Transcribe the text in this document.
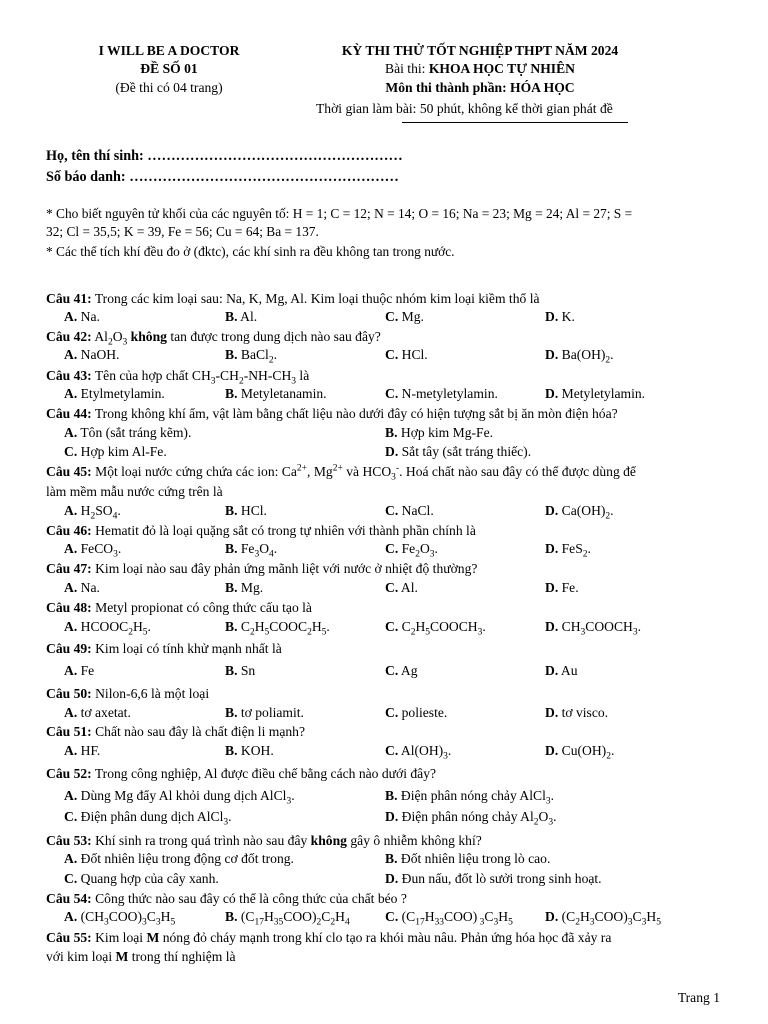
I WILL BE A DOCTOR
ĐỀ SỐ 01
(Đề thi có 04 trang)
KỲ THI THỬ TỐT NGHIỆP THPT NĂM 2024
Bài thi: KHOA HỌC TỰ NHIÊN
Môn thi thành phần: HÓA HỌC
Thời gian làm bài: 50 phút, không kể thời gian phát đề
Họ, tên thí sinh: ………………………………………………
Số báo danh: …………………………………………………
* Cho biết nguyên tử khối của các nguyên tố: H = 1; C = 12; N = 14; O = 16; Na = 23; Mg = 24; Al = 27; S =
32; Cl = 35,5; K = 39, Fe = 56; Cu = 64; Ba = 137.
* Các thể tích khí đều đo ở (đktc), các khí sinh ra đều không tan trong nước.
Câu 41: Trong các kim loại sau: Na, K, Mg, Al. Kim loại thuộc nhóm kim loại kiềm thổ là
A. Na.	B. Al.	C. Mg.	D. K.
Câu 42: $Al_2O_3$ không tan được trong dung dịch nào sau đây?
A. NaOH.	B. BaCl$_2$.	C. HCl.	D. $Ba(OH)_2$.
Câu 43: Tên của hợp chất $CH_3-CH_2-NH-CH_3$ là
A. Etylmetylamin.	B. Metyletanamin.	C. N-metyletylamin.	D. Metyletylamin.
Câu 44: Trong không khí ẩm, vật làm bằng chất liệu nào dưới đây có hiện tượng sắt bị ăn mòn điện hóa?
A. Tôn (sắt tráng kẽm).	B. Hợp kim Mg-Fe.
C. Hợp kim Al-Fe.	D. Sắt tây (sắt tráng thiếc).
Câu 45: Một loại nước cứng chứa các ion: $Ca^{2+}$, $Mg^{2+}$ và $HCO_3^-$. Hoá chất nào sau đây có thể được dùng để
làm mềm mẫu nước cứng trên là
A. $H_2SO_4$.	B. HCl.	C. NaCl.	D. $Ca(OH)_2$.
Câu 46: Hematit đỏ là loại quặng sắt có trong tự nhiên với thành phần chính là
A. FeCO$_3$.	B. $Fe_3O_4$.	C. $Fe_2O_3$.	D. FeS$_2$.
Câu 47: Kim loại nào sau đây phản ứng mãnh liệt với nước ở nhiệt độ thường?
A. Na.	B. Mg.	C. Al.	D. Fe.
Câu 48: Metyl propionat có công thức cấu tạo là
A. $HCOOC_2H_5$.	B. $C_2H_5COOC_2H_5$.	C. $C_2H_5COOCH_3$.	D. $CH_3COOCH_3$.
Câu 49: Kim loại có tính khử mạnh nhất là
A. Fe	B. Sn	C. Ag	D. Au
Câu 50: Nilon-6,6 là một loại
A. tơ axetat.	B. tơ poliamit.	C. polieste.	D. tơ visco.
Câu 51: Chất nào sau đây là chất điện li mạnh?
A. HF.	B. KOH.	C. $Al(OH)_3$.	D. $Cu(OH)_2$.
Câu 52: Trong công nghiệp, Al được điều chế bằng cách nào dưới đây?
A. Dùng Mg đẩy Al khỏi dung dịch AlCl$_3$.	B. Điện phân nóng chảy AlCl$_3$.
C. Điện phân dung dịch AlCl$_3$.	D. Điện phân nóng chảy $Al_2O_3$.
Câu 53: Khí sinh ra trong quá trình nào sau đây không gây ô nhiễm không khí?
A. Đốt nhiên liệu trong động cơ đốt trong.	B. Đốt nhiên liệu trong lò cao.
C. Quang hợp của cây xanh.	D. Đun nấu, đốt lò sưởi trong sinh hoạt.
Câu 54: Công thức nào sau đây có thể là công thức của chất béo ?
A. $(CH_3COO)_3C_3H_5$	B. $(C_{17}H_{35}COO)_2C_2H_4$	C. $(C_{17}H_{33}COO)$ $_3C_3H_5$ D. $(C_2H_3COO)_3C_3H_5$
Câu 55: Kim loại M nóng đỏ cháy mạnh trong khí clo tạo ra khói màu nâu. Phản ứng hóa học đã xảy ra
với kim loại M trong thí nghiệm là
Trang 1
